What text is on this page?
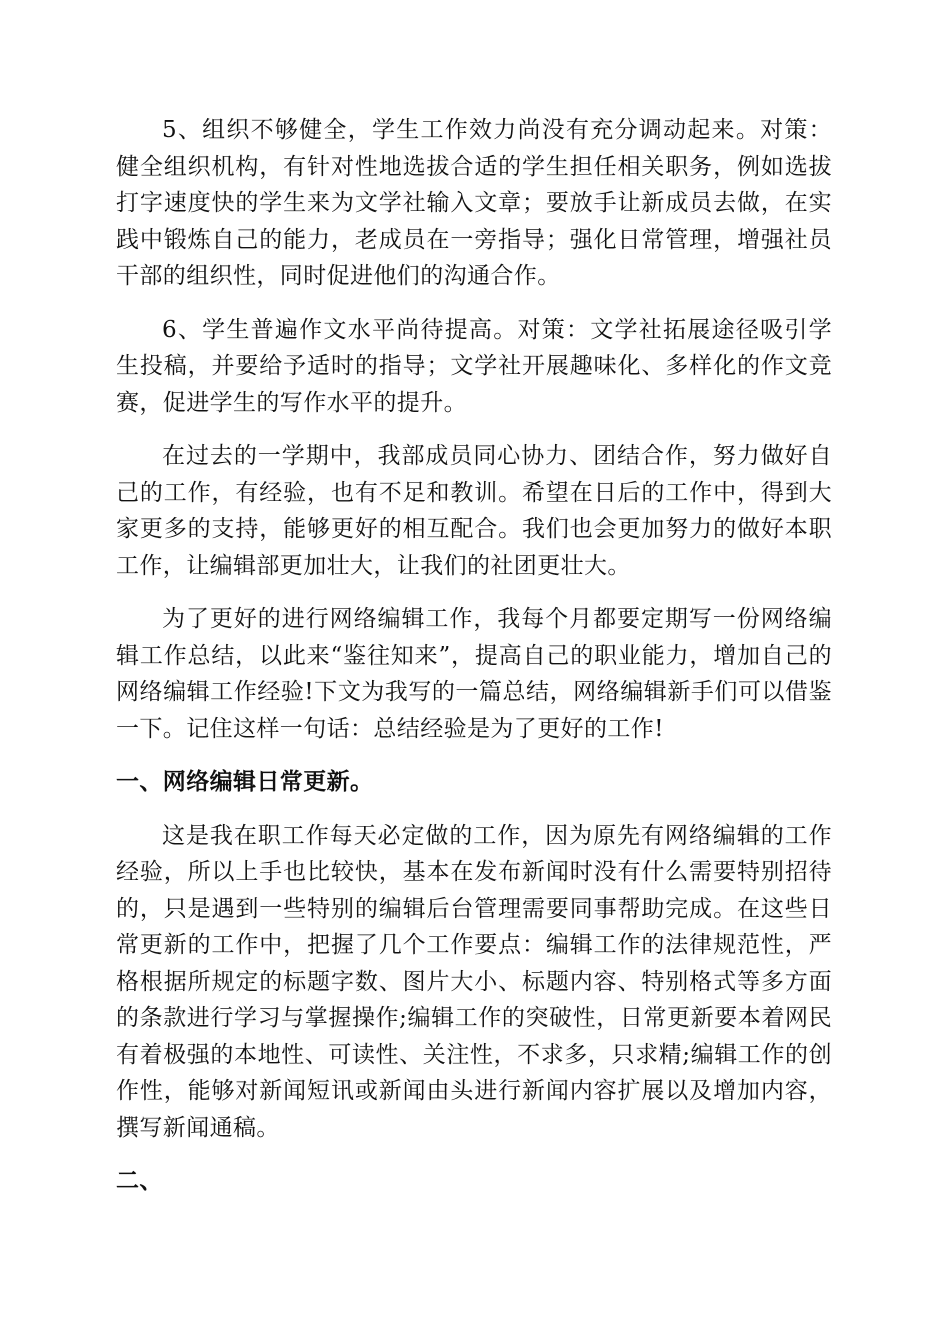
5、组织不够健全，学生工作效力尚没有充分调动起来。对策：健全组织机构，有针对性地选拔合适的学生担任相关职务，例如选拔打字速度快的学生来为文学社输入文章；要放手让新成员去做，在实践中锻炼自己的能力，老成员在一旁指导；强化日常管理，增强社员干部的组织性，同时促进他们的沟通合作。

6、学生普遍作文水平尚待提高。对策：文学社拓展途径吸引学生投稿，并要给予适时的指导；文学社开展趣味化、多样化的作文竞赛，促进学生的写作水平的提升。

在过去的一学期中，我部成员同心协力、团结合作，努力做好自己的工作，有经验，也有不足和教训。希望在日后的工作中，得到大家更多的支持，能够更好的相互配合。我们也会更加努力的做好本职工作，让编辑部更加壮大，让我们的社团更壮大。

为了更好的进行网络编辑工作，我每个月都要定期写一份网络编辑工作总结，以此来“鉴往知来”，提高自己的职业能力，增加自己的网络编辑工作经验!下文为我写的一篇总结，网络编辑新手们可以借鉴一下。记住这样一句话：总结经验是为了更好的工作!

一、网络编辑日常更新。

这是我在职工作每天必定做的工作，因为原先有网络编辑的工作经验，所以上手也比较快，基本在发布新闻时没有什么需要特别招待的，只是遇到一些特别的编辑后台管理需要同事帮助完成。在这些日常更新的工作中，把握了几个工作要点：编辑工作的法律规范性，严格根据所规定的标题字数、图片大小、标题内容、特别格式等多方面的条款进行学习与掌握操作;编辑工作的突破性，日常更新要本着网民有着极强的本地性、可读性、关注性，不求多，只求精;编辑工作的创作性，能够对新闻短讯或新闻由头进行新闻内容扩展以及增加内容，撰写新闻通稿。

二、
